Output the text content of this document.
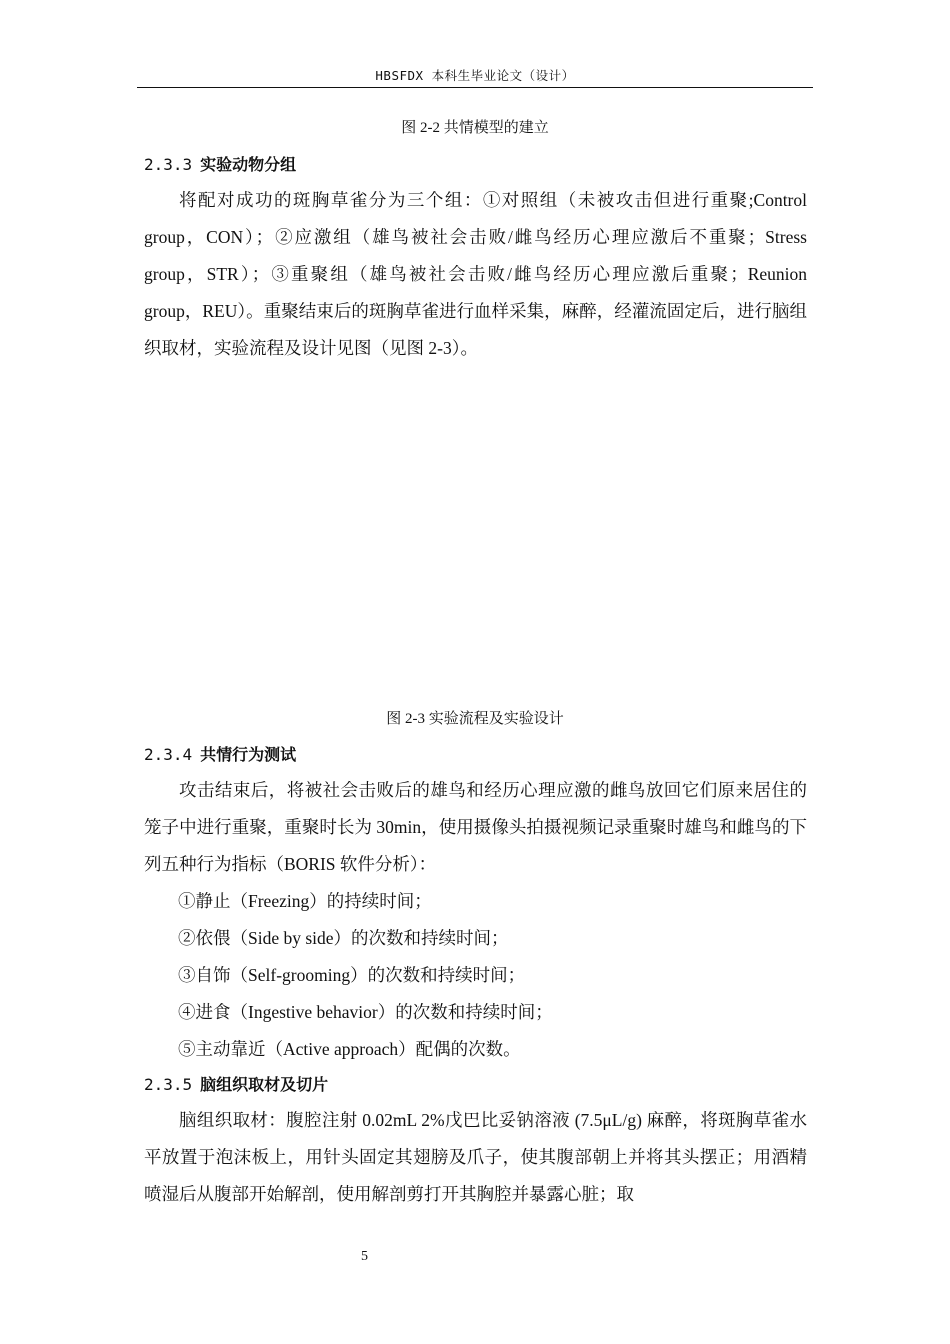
HBSFDX 本科生毕业论文（设计）
图 2-2 共情模型的建立
2.3.3 实验动物分组

将配对成功的斑胸草雀分为三个组：①对照组（未被攻击但进行重聚;Control group，CON）；②应激组（雄鸟被社会击败/雌鸟经历心理应激后不重聚；Stress group，STR）；③重聚组（雄鸟被社会击败/雌鸟经历心理应激后重聚；Reunion group，REU）。重聚结束后的斑胸草雀进行血样采集，麻醉，经灌流固定后，进行脑组织取材，实验流程及设计见图（见图 2-3）。

图 2-3 实验流程及实验设计
2.3.4 共情行为测试

攻击结束后，将被社会击败后的雄鸟和经历心理应激的雌鸟放回它们原来居住的笼子中进行重聚，重聚时长为 30min，使用摄像头拍摄视频记录重聚时雄鸟和雌鸟的下列五种行为指标（BORIS 软件分析）：

①静止（Freezing）的持续时间；
②依偎（Side by side）的次数和持续时间；
③自饰（Self-grooming）的次数和持续时间；
④进食（Ingestive behavior）的次数和持续时间；
⑤主动靠近（Active approach）配偶的次数。
2.3.5 脑组织取材及切片

脑组织取材：腹腔注射 0.02mL 2%戊巴比妥钠溶液 (7.5μL/g) 麻醉，将斑胸草雀水平放置于泡沫板上，用针头固定其翅膀及爪子，使其腹部朝上并将其头摆正；用酒精喷湿后从腹部开始解剖，使用解剖剪打开其胸腔并暴露心脏；取

5
